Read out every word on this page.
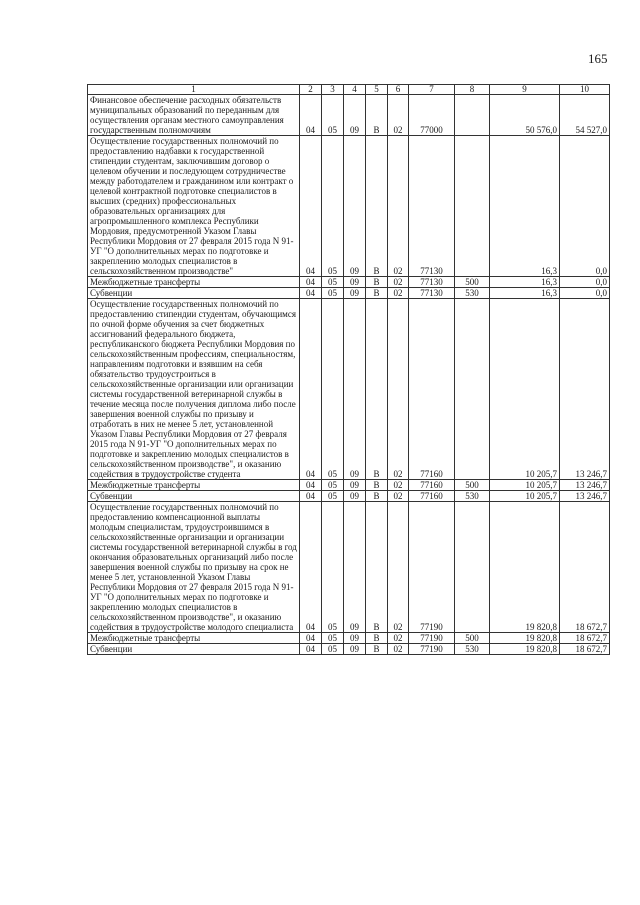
165
1	2	3	4	5	6	7	8	9	10
Финансовое обеспечение расходных обязательств муниципальных образований по переданным для осуществления органам местного самоуправления государственным полномочиям	04	05	09	В	02	77000		50 576,0	54 527,0
Осуществление государственных полномочий по предоставлению надбавки к государственной стипендии студентам, заключившим договор о целевом обучении и последующем сотрудничестве между работодателем и гражданином или контракт о целевой контрактной подготовке специалистов в высших (средних) профессиональных образовательных организациях для агропромышленного комплекса Республики Мордовия, предусмотренной Указом Главы Республики Мордовия от 27 февраля 2015 года N 91-УГ "О дополнительных мерах по подготовке и закреплению молодых специалистов в сельскохозяйственном производстве"	04	05	09	В	02	77130		16,3	0,0
Межбюджетные трансферты	04	05	09	В	02	77130	500	16,3	0,0
Субвенции	04	05	09	В	02	77130	530	16,3	0,0
Осуществление государственных полномочий по предоставлению стипендии студентам, обучающимся по очной форме обучения за счет бюджетных ассигнований федерального бюджета, республиканского бюджета Республики Мордовия по сельскохозяйственным профессиям, специальностям, направлениям подготовки и взявшим на себя обязательство трудоустроиться в сельскохозяйственные организации или организации системы государственной ветеринарной службы в течение месяца после получения диплома либо после завершения военной службы по призыву и отработать в них не менее 5 лет, установленной Указом Главы Республики Мордовия от 27 февраля 2015 года N 91-УГ "О дополнительных мерах по подготовке и закреплению молодых специалистов в сельскохозяйственном производстве", и оказанию содействия в трудоустройстве студента	04	05	09	В	02	77160		10 205,7	13 246,7
Межбюджетные трансферты	04	05	09	В	02	77160	500	10 205,7	13 246,7
Субвенции	04	05	09	В	02	77160	530	10 205,7	13 246,7
Осуществление государственных полномочий по предоставлению компенсационной выплаты молодым специалистам, трудоустроившимся в сельскохозяйственные организации и организации системы государственной ветеринарной службы в год окончания образовательных организаций либо после завершения военной службы по призыву на срок не менее 5 лет, установленной Указом Главы Республики Мордовия от 27 февраля 2015 года N 91-УГ "О дополнительных мерах по подготовке и закреплению молодых специалистов в сельскохозяйственном производстве", и оказанию содействия в трудоустройстве молодого специалиста	04	05	09	В	02	77190		19 820,8	18 672,7
Межбюджетные трансферты	04	05	09	В	02	77190	500	19 820,8	18 672,7
Субвенции	04	05	09	В	02	77190	530	19 820,8	18 672,7
